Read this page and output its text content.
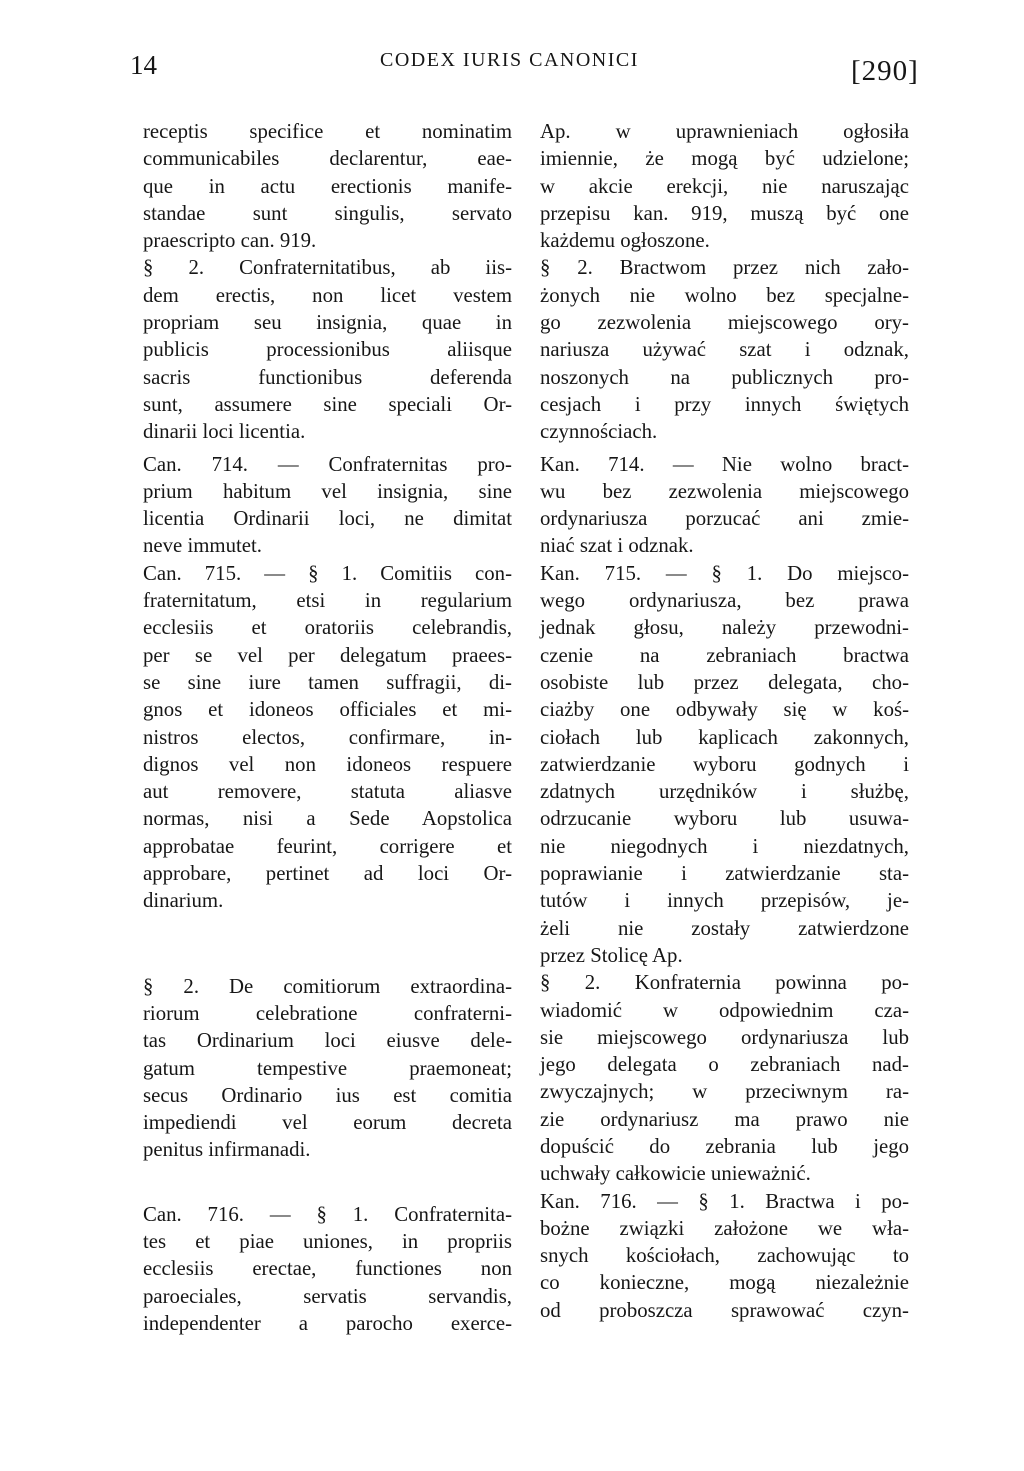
14	CODEX IURIS CANONICI	[290]
receptis specifice et nominatim
communicabiles declarentur, eae-
que in actu erectionis manife-
standae sunt singulis, servato
praescripto can. 919.
§ 2. Confraternitatibus, ab iis-
dem erectis, non licet vestem
propriam seu insignia, quae in
publicis processionibus aliisque
sacris functionibus deferenda
sunt, assumere sine speciali Or-
dinarii loci licentia.
Can. 714. — Confraternitas pro-
prium habitum vel insignia, sine
licentia Ordinarii loci, ne dimitat
neve immutet.
Can. 715. — § 1. Comitiis con-
fraternitatum, etsi in regularium
ecclesiis et oratoriis celebrandis,
per se vel per delegatum praees-
se sine iure tamen suffragii, di-
gnos et idoneos officiales et mi-
nistros electos, confirmare, in-
dignos vel non idoneos respuere
aut removere, statuta aliasve
normas, nisi a Sede Aopstolica
approbatae feurint, corrigere et
approbare, pertinet ad loci Or-
dinarium.
§ 2. De comitiorum extraordina-
riorum celebratione confraterni-
tas Ordinarium loci eiusve dele-
gatum tempestive praemoneat;
secus Ordinario ius est comitia
impediendi vel eorum decreta
penitus infirmanadi.
Can. 716. — § 1. Confraternita-
tes et piae uniones, in propriis
ecclesiis erectae, functiones non
paroeciales, servatis servandis,
independenter a parocho exerce-
Ap. w uprawnieniach ogłosiła
imiennie, że mogą być udzielone;
w akcie erekcji, nie naruszając
przepisu kan. 919, muszą być one
każdemu ogłoszone.
§ 2. Bractwom przez nich zało-
żonych nie wolno bez specjalne-
go zezwolenia miejscowego ory-
nariusza używać szat i odznak,
noszonych na publicznych pro-
cesjach i przy innych świętych
czynnościach.
Kan. 714. — Nie wolno bract-
wu bez zezwolenia miejscowego
ordynariusza porzucać ani zmie-
niać szat i odznak.
Kan. 715. — § 1. Do miejsco-
wego ordynariusza, bez prawa
jednak głosu, należy przewodni-
czenie na zebraniach bractwa
osobiste lub przez delegata, cho-
ciażby one odbywały się w koś-
ciołach lub kaplicach zakonnych,
zatwierdzanie wyboru godnych i
zdatnych urzędników i służbę,
odrzucanie wyboru lub usuwa-
nie niegodnych i niezdatnych,
poprawianie i zatwierdzanie sta-
tutów i innych przepisów, je-
żeli nie zostały zatwierdzone
przez Stolicę Ap.
§ 2. Konfraternia powinna po-
wiadomić w odpowiednim cza-
sie miejscowego ordynariusza lub
jego delegata o zebraniach nad-
zwyczajnych; w przeciwnym ra-
zie ordynariusz ma prawo nie
dopuścić do zebrania lub jego
uchwały całkowicie unieważnić.
Kan. 716. — § 1. Bractwa i po-
bożne związki założone we wła-
snych kościołach, zachowując to
co konieczne, mogą niezależnie
od proboszcza sprawować czyn-
